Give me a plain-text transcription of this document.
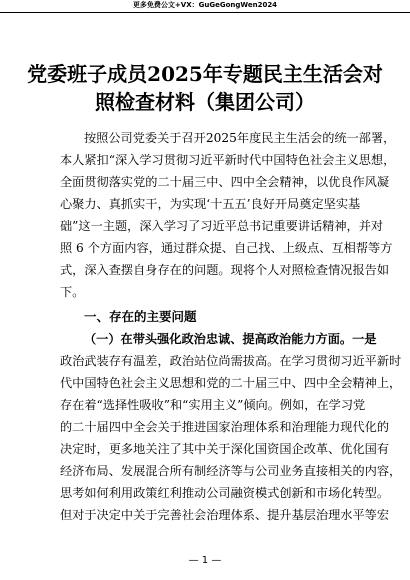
更多免费公文+VX：GuGeGongWen2024
党委班子成员2025年专题民主生活会对
照检查材料（集团公司）
按照公司党委关于召开2025年度民主生活会的统一部署，
本人紧扣“深入学习贯彻习近平新时代中国特色社会主义思想，
全面贯彻落实党的二十届三中、四中全会精神，以优良作风凝
心聚力、真抓实干，为实现‘十五五’良好开局奠定坚实基
础”这一主题，深入学习了习近平总书记重要讲话精神，并对
照 6 个方面内容，通过群众提、自己找、上级点、互相帮等方
式，深入查摆自身存在的问题。现将个人对照检查情况报告如
下。
一、存在的主要问题
（一）在带头强化政治忠诚、提高政治能力方面。一是
政治武装存有温差，政治站位尚需拔高。在学习贯彻习近平新时
代中国特色社会主义思想和党的二十届三中、四中全会精神上，
存在着“选择性吸收”和“实用主义”倾向。例如，在学习党
的二十届四中全会关于推进国家治理体系和治理能力现代化的
决定时，更多地关注了其中关于深化国资国企改革、优化国有
经济布局、发展混合所有制经济等与公司业务直接相关的内容，
思考如何利用政策红利推动公司融资模式创新和市场化转型。
但对于决定中关于完善社会治理体系、提升基层治理水平等宏
— 1 —
